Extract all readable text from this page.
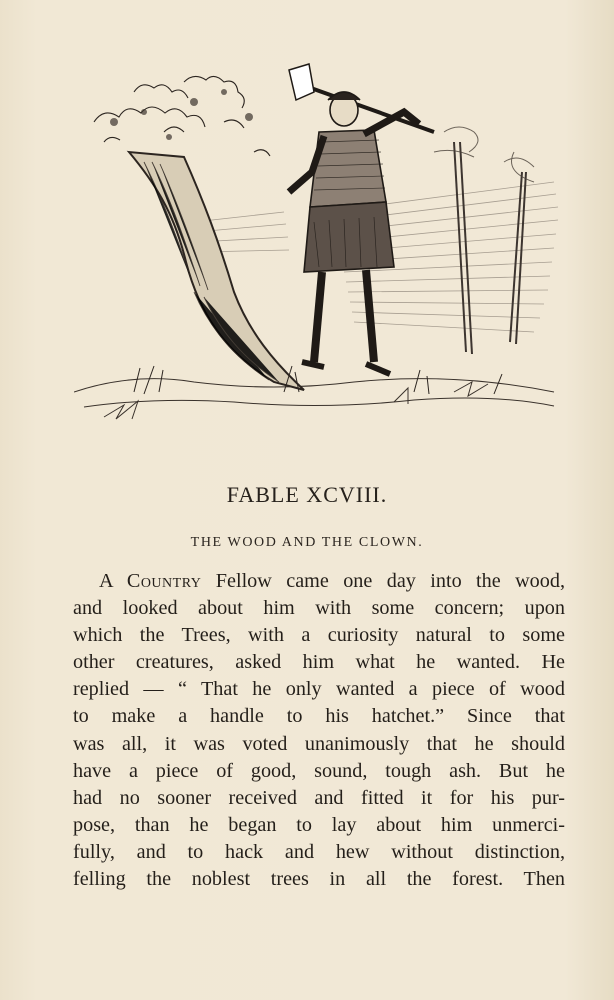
FABLE XCVIII.
THE WOOD AND THE CLOWN.
A Country Fellow came one day into the wood,
and looked about him with some concern; upon
which the Trees, with a curiosity natural to some
other creatures, asked him what he wanted. He
replied — “ That he only wanted a piece of wood
to make a handle to his hatchet.” Since that
was all, it was voted unanimously that he should
have a piece of good, sound, tough ash. But he
had no sooner received and fitted it for his pur-
pose, than he began to lay about him unmerci-
fully, and to hack and hew without distinction,
felling the noblest trees in all the forest. Then
